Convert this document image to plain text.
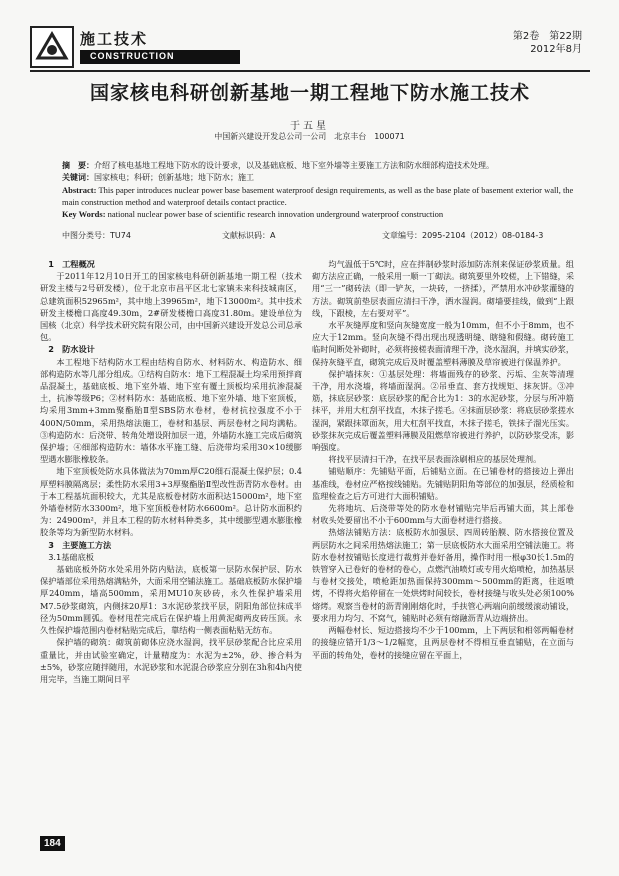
施工技术
CONSTRUCTION
第2卷　第22期
2012年8月
国家核电科研创新基地一期工程地下防水施工技术
于五星
中国新兴建设开发总公司一公司　北京丰台　100071
摘　要：介绍了核电基地工程地下防水的设计要求，以及基础底板、地下室外墙等主要施工方法和防水细部构造技术处理。
关键词：国家核电；科研；创新基地；地下防水；施工
Abstract: This paper introduces nuclear power base basement waterproof design requirements, as well as the base plate of basement exterior wall, the main construction method and waterproof details contact practice.
Key Words: national nuclear power base of scientific research innovation underground waterproof construction
中图分类号：TU74	文献标识码：A	文章编号：2095-2104（2012）08-0184-3

1　工程概况

于2011年12月10日开工的国家核电科研创新基地一期工程（技术研发主楼与2号研发楼），位于北京市昌平区北七家镇未来科技城南区，总建筑面积52965m²，其中地上39965m²，地下13000m²。其中技术研发主楼檐口高度49.30m，2#研发楼檐口高度31.80m。建设单位为国核（北京）科学技术研究院有限公司，由中国新兴建设开发总公司总承包。

2　防水设计

本工程地下结构防水工程由结构自防水、材料防水、构造防水、细部构造防水等几部分组成。①结构自防水：地下工程混凝土均采用预拌商品混凝土，基础底板、地下室外墙、地下室有覆土顶板均采用抗渗混凝土，抗渗等级P6；②材料防水：基础底板、地下室外墙、地下室顶板，均采用3mm+3mm聚酯胎Ⅱ型SBS防水卷材，卷材抗拉强度不小于400N/50mm，采用热熔法施工，卷材和基层、两层卷材之间均满粘。③构造防水：后浇带、转角处增设附加层一道，外墙防水施工完成后砌筑保护墙；④细部构造防水：墙体水平施工缝、后浇带均采用30×10缓膨型遇水膨胀橡胶条。

地下室顶板处防水具体做法为70mm厚C20细石混凝土保护层；0.4厚塑料膜隔离层；柔性防水采用3+3厚聚酯胎Ⅱ型改性沥青防水卷材。由于本工程基坑面积较大，尤其是底板卷材防水面积达15000m²，地下室外墙卷材防水3300m²，地下室顶板卷材防水6600m²。总计防水面积约为：24900m²，并且本工程的防水材料种类多，其中缓膨型遇水膨胀橡胶条等均为新型防水材料。

3　主要施工方法

3.1基础底板

基础底板外防水处采用外防内贴法，底板第一层防水保护层、防水保护墙部位采用热熔满粘外，大面采用空铺法施工。基础底板防水保护墙厚240mm，墙高500mm，采用MU10灰砂砖，永久性保护墙采用M7.5砂浆砌筑，内侧抹20厚1：3水泥砂浆找平层，阴阳角部位抹成半径为50mm圆弧。卷材甩茬完成后在保护墙上用黄泥砌两皮砖压顶。永久性保护墙范围内卷材粘贴完成后，靠结构一侧表面粘贴无纺布。

保护墙的砌筑：砌筑前砌体应浇水湿润，找平层砂浆配合比应采用重量比，并由试验室确定，计量精度为：水泥为±2%，砂、掺合料为±5%，砂浆应随拌随用，水泥砂浆和水泥混合砂浆应分别在3h和4h内使用完毕，当施工期间日平

均气温低于5℃时，应在拌制砂浆时添加防冻剂来保证砂浆质量。组砌方法应正确，一般采用一顺一丁砌法。砌筑要里外咬槎，上下错缝，采用“三一”砌砖法（即一铲灰，一块砖，一挤揉），严禁用水冲砂浆灌缝的方法。砌筑前垫层表面应清扫干净，洒水湿润。砌墙要挂线，做到“上跟线，下跟棱，左右要对平”。

水平灰缝厚度和竖向灰缝宽度一般为10mm，但不小于8mm，也不应大于12mm。竖向灰缝不得出现出现透明缝、瞎缝和假缝。砌砖施工临时间断处补砌时，必须将接槎表面清理干净，浇水湿润，并填实砂浆，保持灰缝平直，砌筑完成后及时覆盖塑料薄膜及草帘被进行保温养护。

保护墙抹灰：①基层处理：将墙面残存的砂浆、污垢、尘灰等清理干净，用水浇墙，将墙面湿润。②吊垂直、套方找规矩、抹灰饼。③冲筋，抹底层砂浆：底层砂浆的配合比为1：3的水泥砂浆，分层与所冲筋抹平，并用大杠刮平找直，木抹子搓毛。④抹面层砂浆：将底层砂浆搓水湿润，紧跟抹罩面灰，用大杠刮平找直，木抹子搓毛，铁抹子溜光压实。砂浆抹灰完成后覆盖塑料薄膜及阻燃草帘被进行养护，以防砂浆受冻，影响强度。

将找平层清扫干净，在找平层表面涂刷相应的基层处理剂。

铺贴顺序：先铺贴平面，后铺贴立面。在已铺卷材的搭接边上弹出基准线，卷材应严格按线铺贴。先铺贴阴阳角等部位的加强层，经质检和监理检查之后方可进行大面积铺贴。

先将地坑、后浇带等处的防水卷材铺贴完毕后再铺大面，其上部卷材收头处要留出不小于600mm与大面卷材进行搭接。

热熔法铺贴方法：底板防水加强层、四周砖胎膜、防水搭接位置及两层防水之间采用热熔法施工；第一层底板防水大面采用空铺法施工。将防水卷材按铺贴长度进行裁剪并卷好备用，操作时用一根φ30长1.5m的铁管穿入已卷好的卷材的卷心，点燃汽油喷灯或专用火焰喷枪，加热基层与卷材交接处，喷枪距加热面保持300mm～500mm的距离，往返喷烤，不得将火焰停留在一处烘烤时间较长，卷材接缝与收头处必须100%熔烤。观察当卷材的沥青刚刚熔化时，手扶管心两端向前缓缓滚动铺设，要求用力均匀、不窝气，铺贴时必须有熔融沥青从边端挤出。

两幅卷材长、短边搭接均不少于100mm，上下两层和相邻两幅卷材的接缝应错开1/3～1/2幅宽，且两层卷材不得相互垂直铺贴，在立面与平面的转角处，卷材的接缝应留在平面上，

184
